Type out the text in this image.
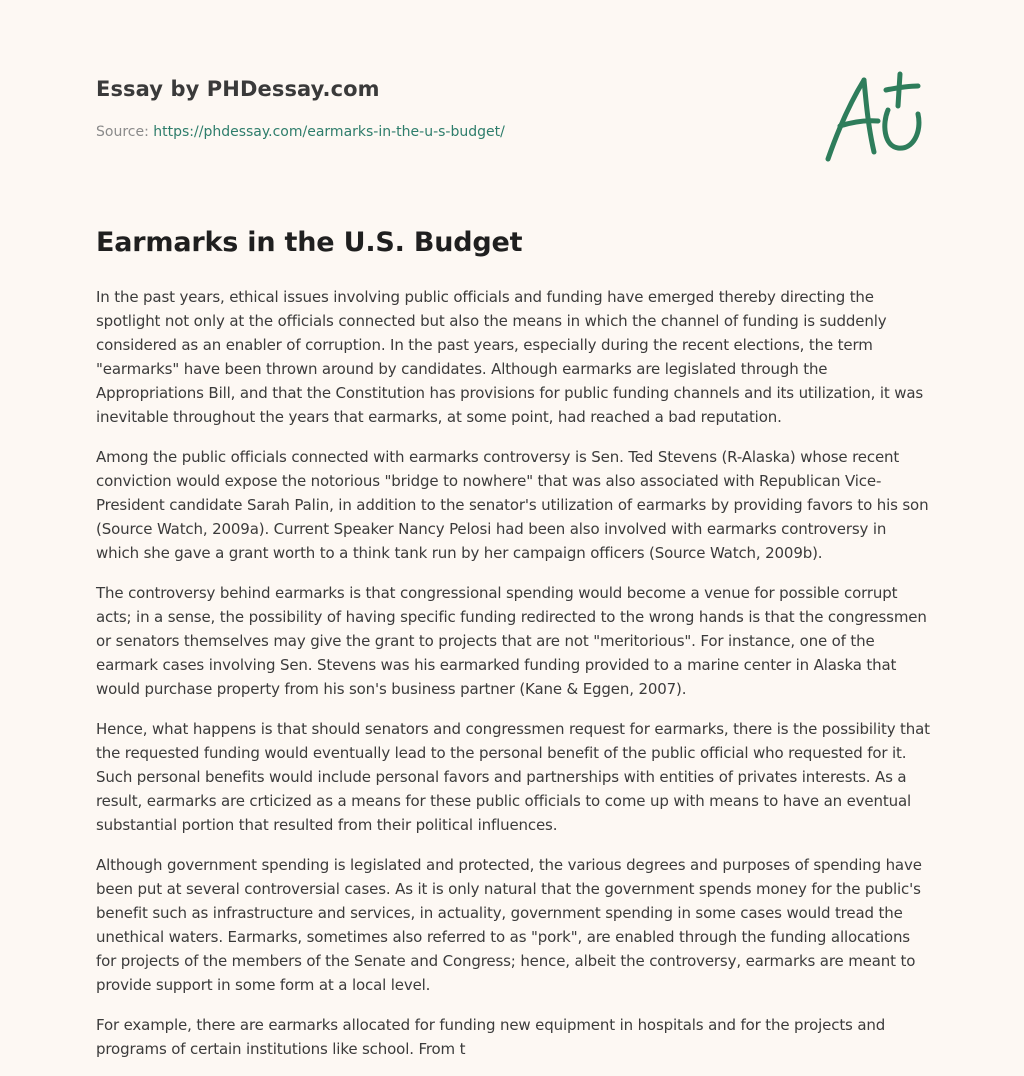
Essay by PHDessay.com
Source: https://phdessay.com/earmarks-in-the-u-s-budget/
Earmarks in the U.S. Budget

In the past years, ethical issues involving public officials and funding have emerged thereby directing the spotlight not only at the officials connected but also the means in which the channel of funding is suddenly considered as an enabler of corruption. In the past years, especially during the recent elections, the term "earmarks" have been thrown around by candidates. Although earmarks are legislated through the Appropriations Bill, and that the Constitution has provisions for public funding channels and its utilization, it was inevitable throughout the years that earmarks, at some point, had reached a bad reputation.

Among the public officials connected with earmarks controversy is Sen. Ted Stevens (R-Alaska) whose recent conviction would expose the notorious "bridge to nowhere" that was also associated with Republican Vice-President candidate Sarah Palin, in addition to the senator's utilization of earmarks by providing favors to his son (Source Watch, 2009a). Current Speaker Nancy Pelosi had been also involved with earmarks controversy in which she gave a grant worth to a think tank run by her campaign officers (Source Watch, 2009b).

The controversy behind earmarks is that congressional spending would become a venue for possible corrupt acts; in a sense, the possibility of having specific funding redirected to the wrong hands is that the congressmen or senators themselves may give the grant to projects that are not "meritorious". For instance, one of the earmark cases involving Sen. Stevens was his earmarked funding provided to a marine center in Alaska that would purchase property from his son's business partner (Kane & Eggen, 2007).

Hence, what happens is that should senators and congressmen request for earmarks, there is the possibility that the requested funding would eventually lead to the personal benefit of the public official who requested for it. Such personal benefits would include personal favors and partnerships with entities of privates interests. As a result, earmarks are crticized as a means for these public officials to come up with means to have an eventual substantial portion that resulted from their political influences.

Although government spending is legislated and protected, the various degrees and purposes of spending have been put at several controversial cases. As it is only natural that the government spends money for the public's benefit such as infrastructure and services, in actuality, government spending in some cases would tread the unethical waters. Earmarks, sometimes also referred to as "pork", are enabled through the funding allocations for projects of the members of the Senate and Congress; hence, albeit the controversy, earmarks are meant to provide support in some form at a local level.

For example, there are earmarks allocated for funding new equipment in hospitals and for the projects and programs of certain institutions like school. From t
